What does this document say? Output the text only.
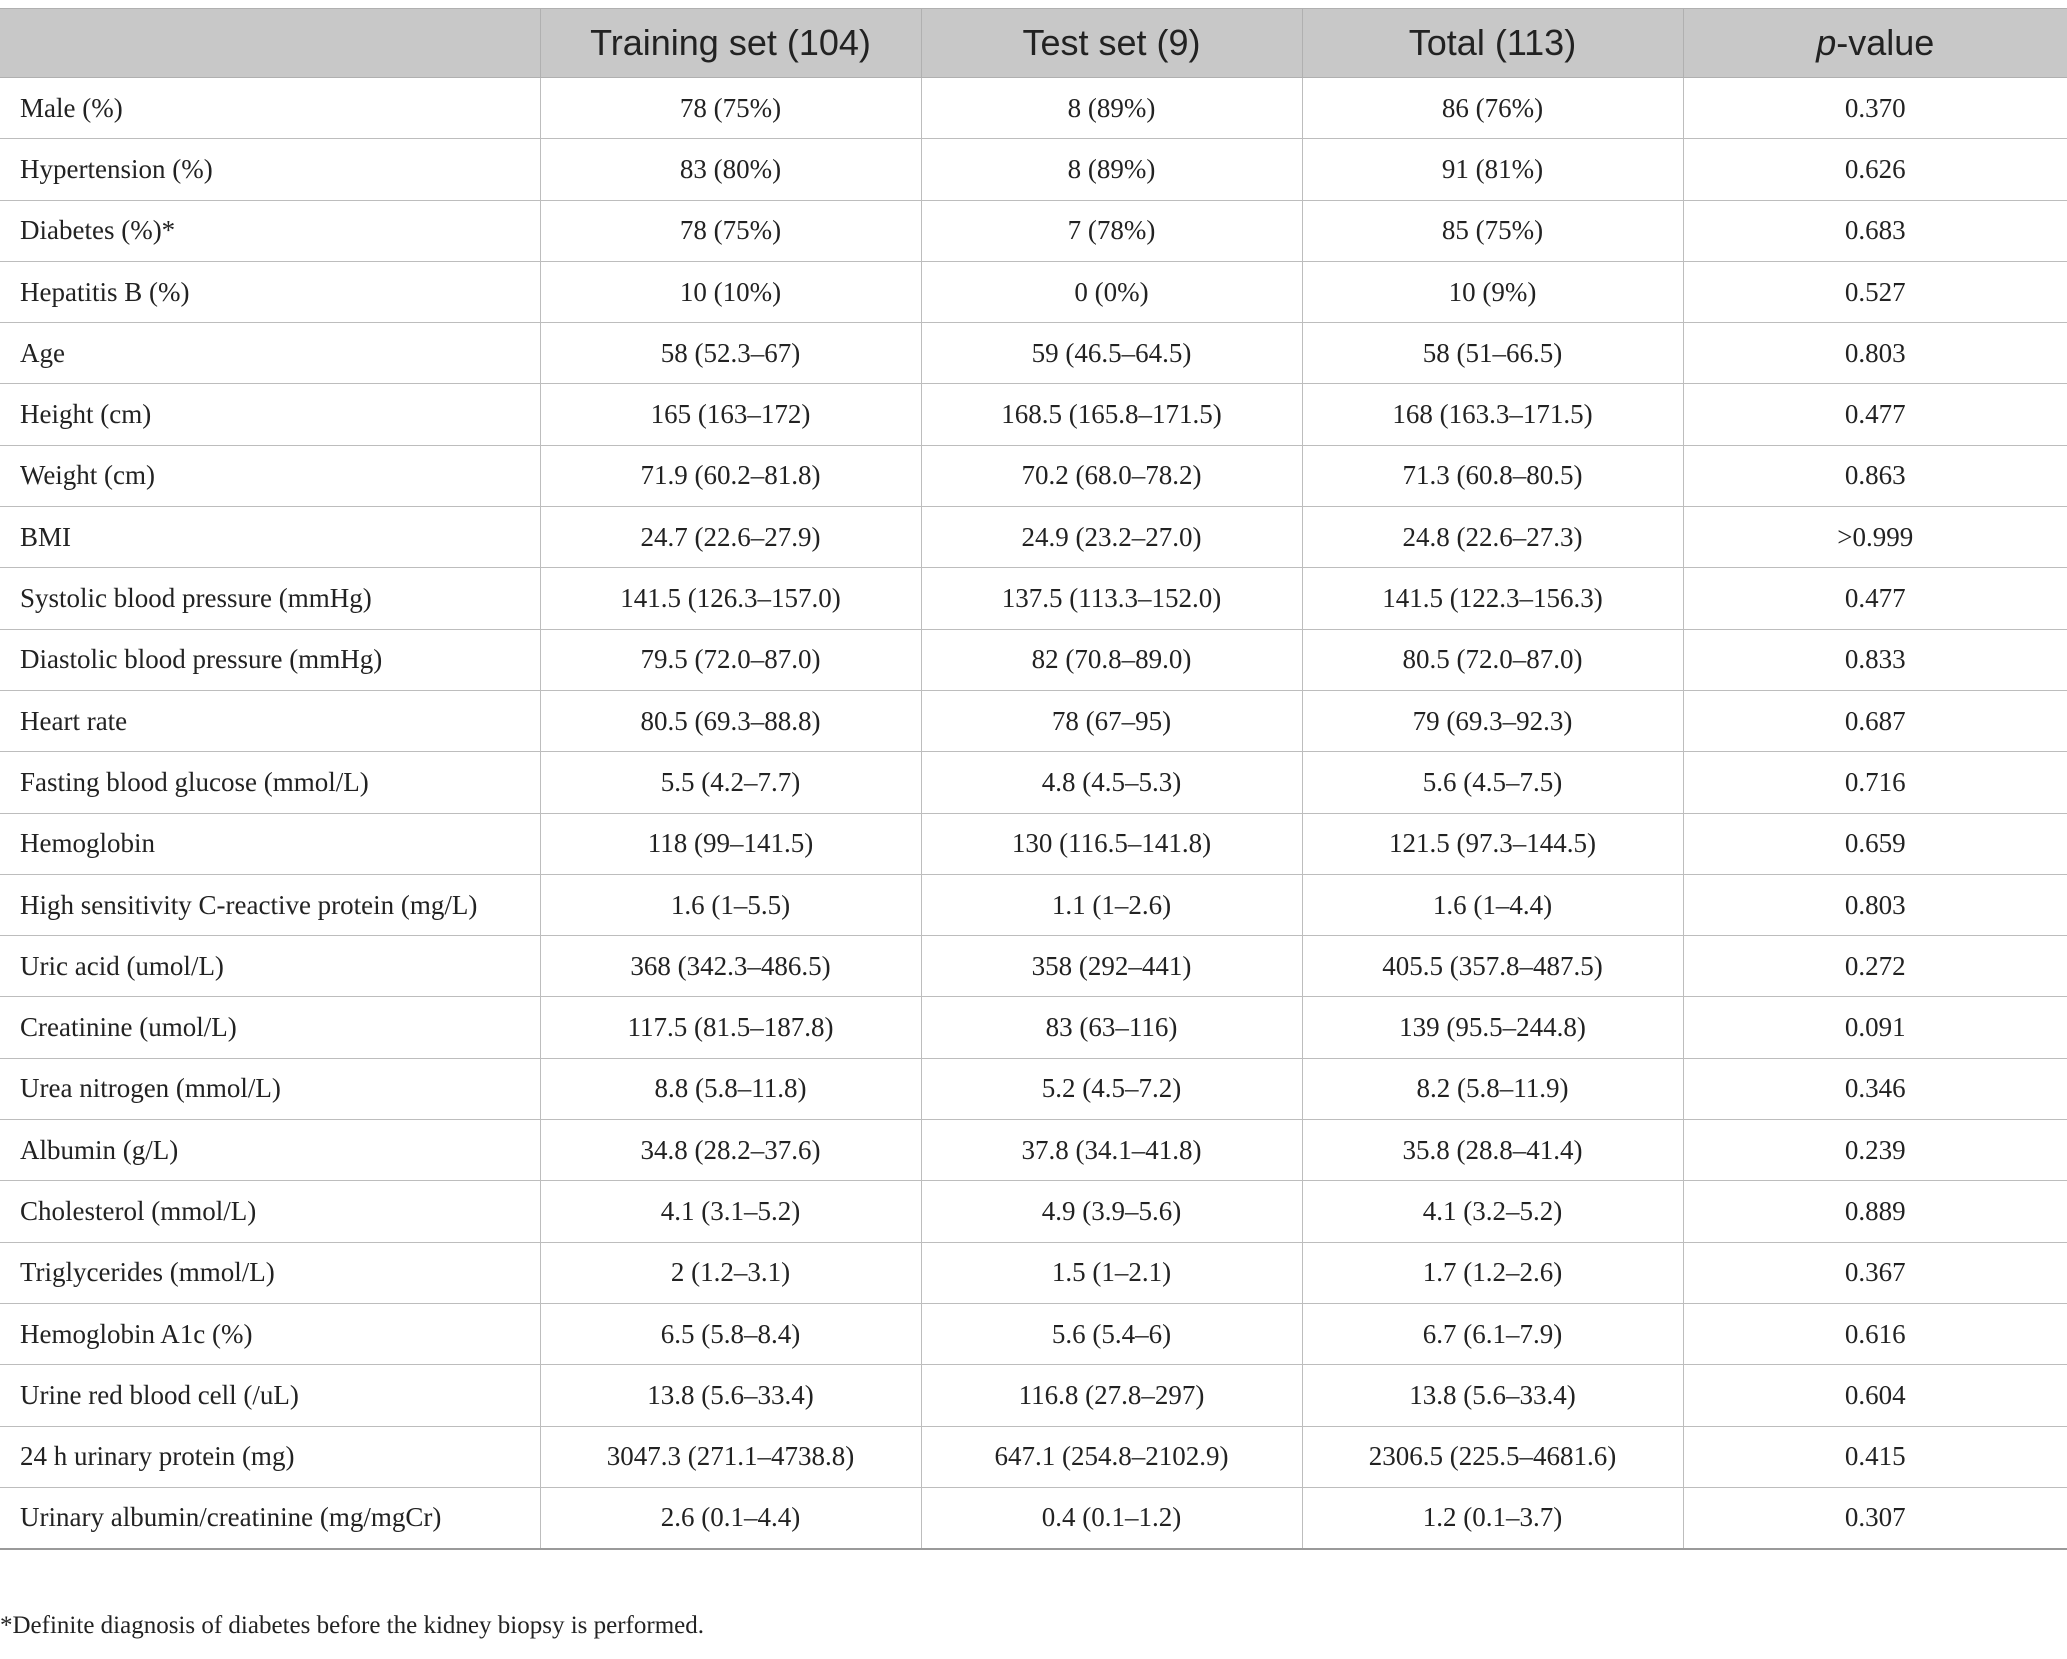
	Training set (104)	Test set (9)	Total (113)	p-value
Male (%)	78 (75%)	8 (89%)	86 (76%)	0.370
Hypertension (%)	83 (80%)	8 (89%)	91 (81%)	0.626
Diabetes (%)*	78 (75%)	7 (78%)	85 (75%)	0.683
Hepatitis B (%)	10 (10%)	0 (0%)	10 (9%)	0.527
Age	58 (52.3–67)	59 (46.5–64.5)	58 (51–66.5)	0.803
Height (cm)	165 (163–172)	168.5 (165.8–171.5)	168 (163.3–171.5)	0.477
Weight (cm)	71.9 (60.2–81.8)	70.2 (68.0–78.2)	71.3 (60.8–80.5)	0.863
BMI	24.7 (22.6–27.9)	24.9 (23.2–27.0)	24.8 (22.6–27.3)	>0.999
Systolic blood pressure (mmHg)	141.5 (126.3–157.0)	137.5 (113.3–152.0)	141.5 (122.3–156.3)	0.477
Diastolic blood pressure (mmHg)	79.5 (72.0–87.0)	82 (70.8–89.0)	80.5 (72.0–87.0)	0.833
Heart rate	80.5 (69.3–88.8)	78 (67–95)	79 (69.3–92.3)	0.687
Fasting blood glucose (mmol/L)	5.5 (4.2–7.7)	4.8 (4.5–5.3)	5.6 (4.5–7.5)	0.716
Hemoglobin	118 (99–141.5)	130 (116.5–141.8)	121.5 (97.3–144.5)	0.659
High sensitivity C-reactive protein (mg/L)	1.6 (1–5.5)	1.1 (1–2.6)	1.6 (1–4.4)	0.803
Uric acid (umol/L)	368 (342.3–486.5)	358 (292–441)	405.5 (357.8–487.5)	0.272
Creatinine (umol/L)	117.5 (81.5–187.8)	83 (63–116)	139 (95.5–244.8)	0.091
Urea nitrogen (mmol/L)	8.8 (5.8–11.8)	5.2 (4.5–7.2)	8.2 (5.8–11.9)	0.346
Albumin (g/L)	34.8 (28.2–37.6)	37.8 (34.1–41.8)	35.8 (28.8–41.4)	0.239
Cholesterol (mmol/L)	4.1 (3.1–5.2)	4.9 (3.9–5.6)	4.1 (3.2–5.2)	0.889
Triglycerides (mmol/L)	2 (1.2–3.1)	1.5 (1–2.1)	1.7 (1.2–2.6)	0.367
Hemoglobin A1c (%)	6.5 (5.8–8.4)	5.6 (5.4–6)	6.7 (6.1–7.9)	0.616
Urine red blood cell (/uL)	13.8 (5.6–33.4)	116.8 (27.8–297)	13.8 (5.6–33.4)	0.604
24 h urinary protein (mg)	3047.3 (271.1–4738.8)	647.1 (254.8–2102.9)	2306.5 (225.5–4681.6)	0.415
Urinary albumin/creatinine (mg/mgCr)	2.6 (0.1–4.4)	0.4 (0.1–1.2)	1.2 (0.1–3.7)	0.307
*Definite diagnosis of diabetes before the kidney biopsy is performed.
